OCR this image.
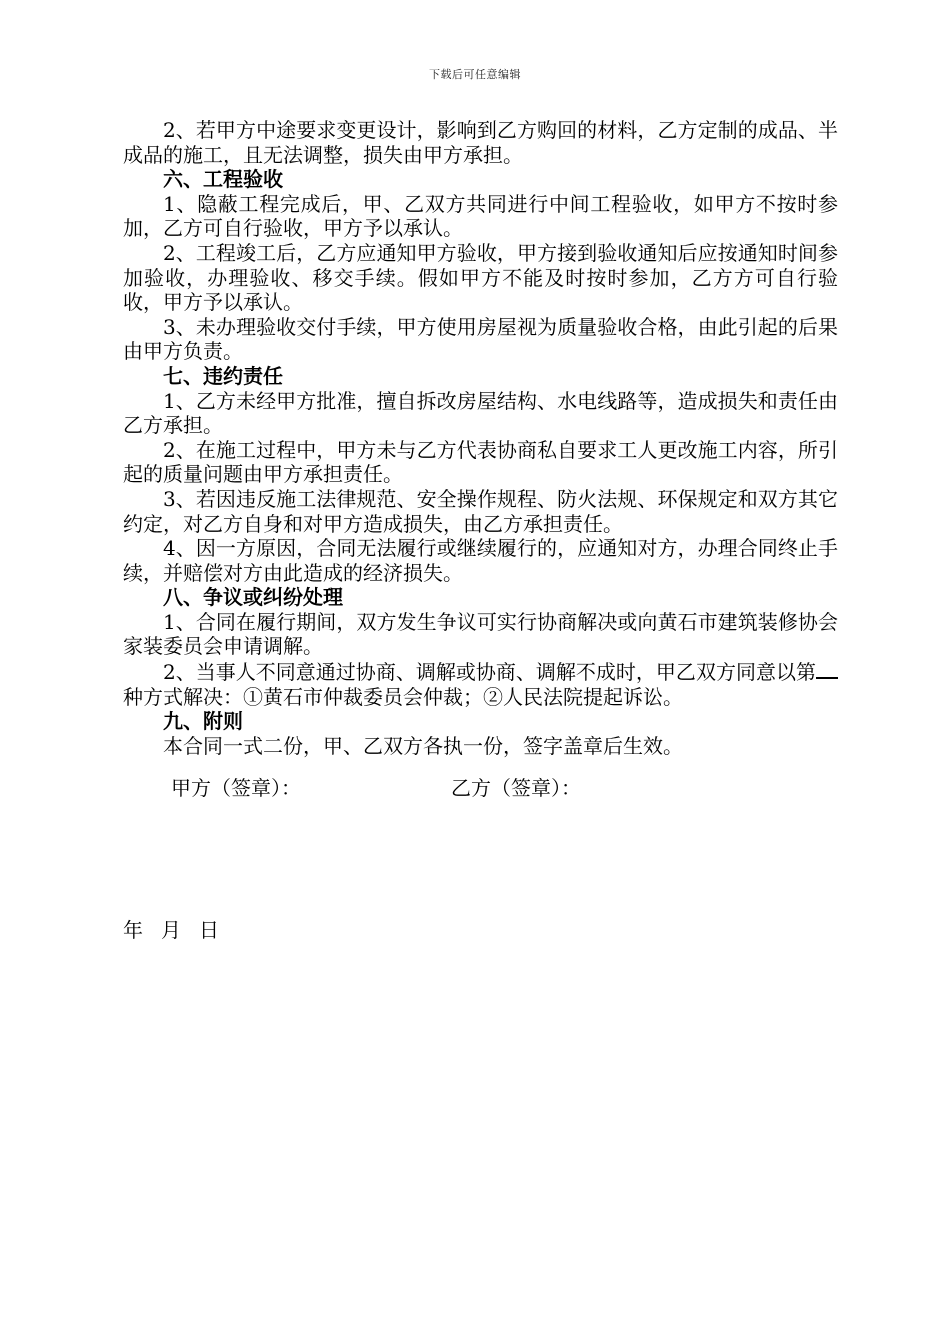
下载后可任意编辑

2、若甲方中途要求变更设计，影响到乙方购回的材料，乙方定制的成品、半成品的施工，且无法调整，损失由甲方承担。

六、工程验收

1、隐蔽工程完成后，甲、乙双方共同进行中间工程验收，如甲方不按时参加，乙方可自行验收，甲方予以承认。

2、工程竣工后，乙方应通知甲方验收，甲方接到验收通知后应按通知时间参加验收，办理验收、移交手续。假如甲方不能及时按时参加，乙方方可自行验收，甲方予以承认。

3、未办理验收交付手续，甲方使用房屋视为质量验收合格，由此引起的后果由甲方负责。

七、违约责任

1、乙方未经甲方批准，擅自拆改房屋结构、水电线路等，造成损失和责任由乙方承担。

2、在施工过程中，甲方未与乙方代表协商私自要求工人更改施工内容，所引起的质量问题由甲方承担责任。

3、若因违反施工法律规范、安全操作规程、防火法规、环保规定和双方其它约定，对乙方自身和对甲方造成损失，由乙方承担责任。

4、因一方原因，合同无法履行或继续履行的，应通知对方，办理合同终止手续，并赔偿对方由此造成的经济损失。

八、争议或纠纷处理

1、合同在履行期间，双方发生争议可实行协商解决或向黄石市建筑装修协会家装委员会申请调解。

2、当事人不同意通过协商、调解或协商、调解不成时，甲乙双方同意以第种方式解决：①黄石市仲裁委员会仲裁；②人民法院提起诉讼。

九、附则

本合同一式二份，甲、乙双方各执一份，签字盖章后生效。

甲方（签章）：	乙方（签章）：
年 月 日
